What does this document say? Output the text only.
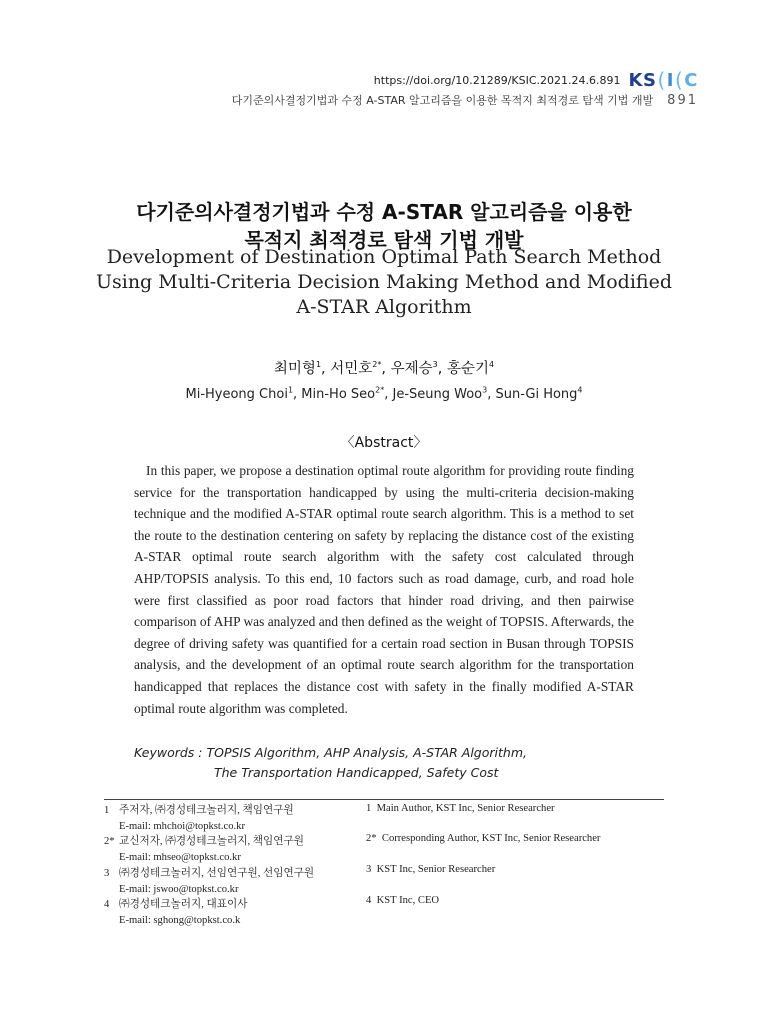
https://doi.org/10.21289/KSIC.2021.24.6.891 K S ( I ( C
다기준의사결정기법과 수정 A-STAR 알고리즘을 이용한 목적지 최적경로 탐색 기법 개발 891
다기준의사결정기법과 수정 A-STAR 알고리즘을 이용한
목적지 최적경로 탐색 기법 개발
Development of Destination Optimal Path Search Method
Using Multi-Criteria Decision Making Method and Modified
A-STAR Algorithm
최미형$^1$, 서민호$^{2*}$, 우제승$^3$, 홍순기$^4$
Mi-Hyeong Choi$^1$, Min-Ho Seo$^{2*}$, Je-Seung Woo$^3$, Sun-Gi Hong$^4$
〈Abstract〉

In this paper, we propose a destination optimal route algorithm for providing route finding service for the transportation handicapped by using the multi-criteria decision-making technique and the modified A-STAR optimal route search algorithm. This is a method to set the route to the destination centering on safety by replacing the distance cost of the existing A-STAR optimal route search algorithm with the safety cost calculated through AHP/TOPSIS analysis. To this end, 10 factors such as road damage, curb, and road hole were first classified as poor road factors that hinder road driving, and then pairwise comparison of AHP was analyzed and then defined as the weight of TOPSIS. Afterwards, the degree of driving safety was quantified for a certain road section in Busan through TOPSIS analysis, and the development of an optimal route search algorithm for the transportation handicapped that replaces the distance cost with safety in the finally modified A-STAR optimal route algorithm was completed.

Keywords : TOPSIS Algorithm, AHP Analysis, A-STAR Algorithm,
The Transportation Handicapped, Safety Cost
1 주저자, ㈜경성테크놀러지, 책임연구원
E-mail: mhchoi@topkst.co.kr
2* 교신저자, ㈜경성테크놀러지, 책임연구원
E-mail: mhseo@topkst.co.kr
3 ㈜경성테크놀러지, 선임연구원, 선임연구원
E-mail: jswoo@topkst.co.kr
4 ㈜경성테크놀러지, 대표이사
E-mail: sghong@topkst.co.k
1 Main Author, KST Inc, Senior Researcher
2* Corresponding Author, KST Inc, Senior Researcher
3 KST Inc, Senior Researcher
4 KST Inc, CEO
